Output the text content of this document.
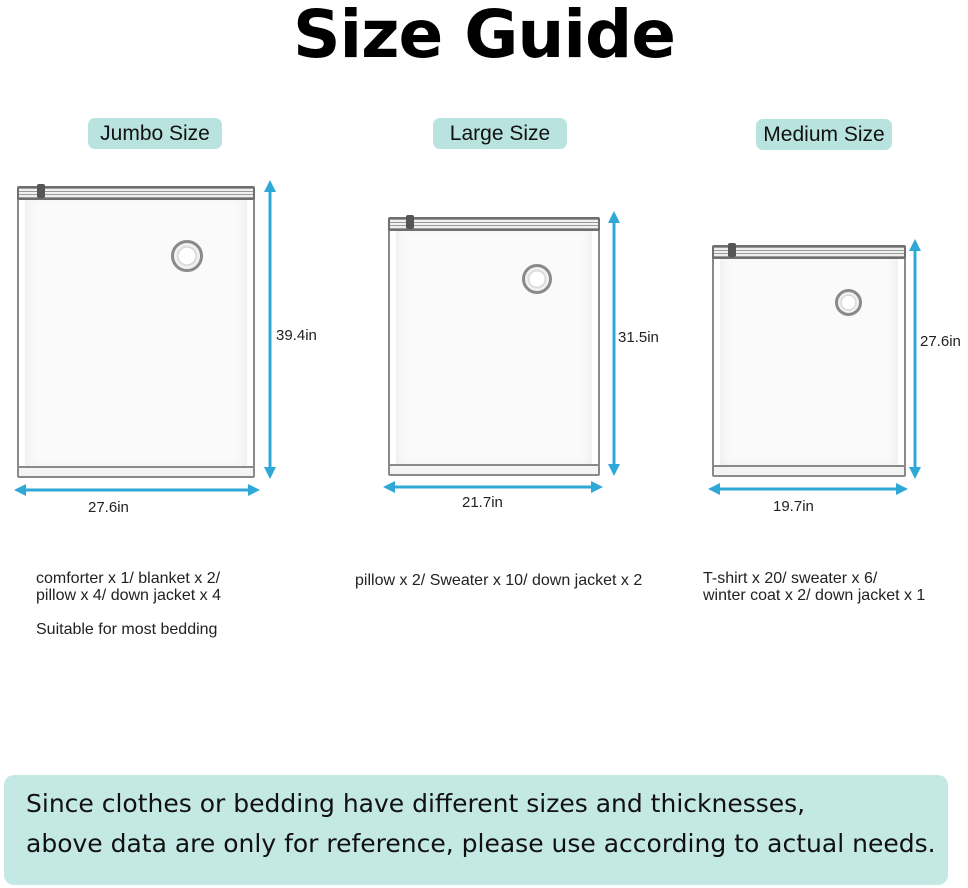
Size Guide
Jumbo Size	Large Size	Medium Size
39.4in
27.6in
31.5in
21.7in
27.6in
19.7in
comforter x 1/ blanket x 2/
pillow x 4/ down jacket x 4
Suitable for most bedding
pillow x 2/ Sweater x 10/ down jacket x 2	T-shirt x 20/ sweater x 6/
winter coat x 2/ down jacket x 1
Since clothes or bedding have different sizes and thicknesses,
above data are only for reference, please use according to actual needs.
